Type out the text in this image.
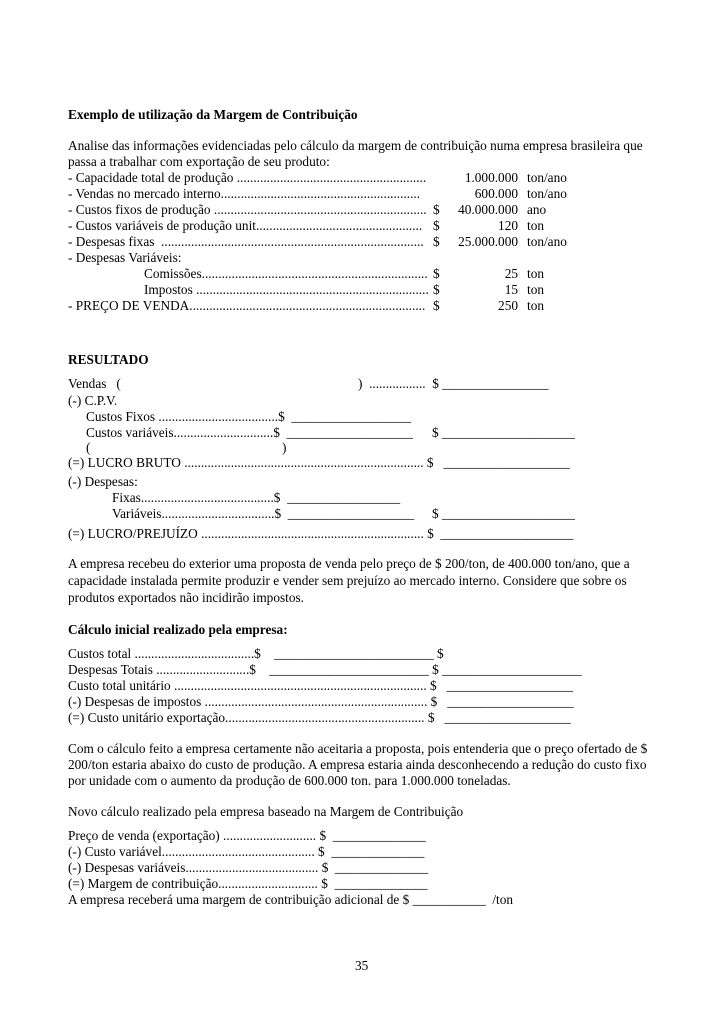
Exemplo de utilização da Margem de Contribuição
Analise das informações evidenciadas pelo cálculo da margem de contribuição numa empresa brasileira que
passa a trabalhar com exportação de seu produto:
- Capacidade total de produção .........................................................	1.000.000 ton/ano
- Vendas no mercado interno............................................................	600.000 ton/ano
- Custos fixos de produção ................................................................ $	40.000.000 ano
- Custos variáveis de produção unit.................................................. $	120 ton
- Despesas fixas  ............................................................................... $	25.000.000 ton/ano
- Despesas Variáveis:
Comissões.................................................................... $	25 ton
Impostos ...................................................................... $	15 ton
- PREÇO DE VENDA....................................................................... $	250 ton
RESULTADO
Vendas   (	)  .................  $ ________________
(-) C.P.V.
Custos Fixos ....................................$  __________________
Custos variáveis..............................$  ___________________ $ ____________________
(	)
(=) LUCRO BRUTO ........................................................................ $   ___________________
(-) Despesas:
Fixas........................................$  _________________
Variáveis..................................$  ___________________ $ ____________________
(=) LUCRO/PREJUÍZO ................................................................... $  ____________________
A empresa recebeu do exterior uma proposta de venda pelo preço de $ 200/ton, de 400.000 ton/ano, que a
capacidade instalada permite produzir e vender sem prejuízo ao mercado interno. Considere que sobre os
produtos exportados não incidirão impostos.
Cálculo inicial realizado pela empresa:
Custos total ....................................$    ________________________ $
Despesas Totais ............................$    ________________________ $ _____________________
Custo total unitário ............................................................................ $   ___________________
(-) Despesas de impostos ................................................................... $   ___________________
(=) Custo unitário exportação............................................................ $   ___________________
Com o cálculo feito a empresa certamente não aceitaria a proposta, pois entenderia que o preço ofertado de $
200/ton estaria abaixo do custo de produção. A empresa estaria ainda desconhecendo a redução do custo fixo
por unidade com o aumento da produção de 600.000 ton. para 1.000.000 toneladas.
Novo cálculo realizado pela empresa baseado na Margem de Contribuição
Preço de venda (exportação) ............................ $  ______________
(-) Custo variável.............................................. $  ______________
(-) Despesas variáveis........................................ $  ______________
(=) Margem de contribuição.............................. $  ______________
A empresa receberá uma margem de contribuição adicional de $ ___________  /ton
35
